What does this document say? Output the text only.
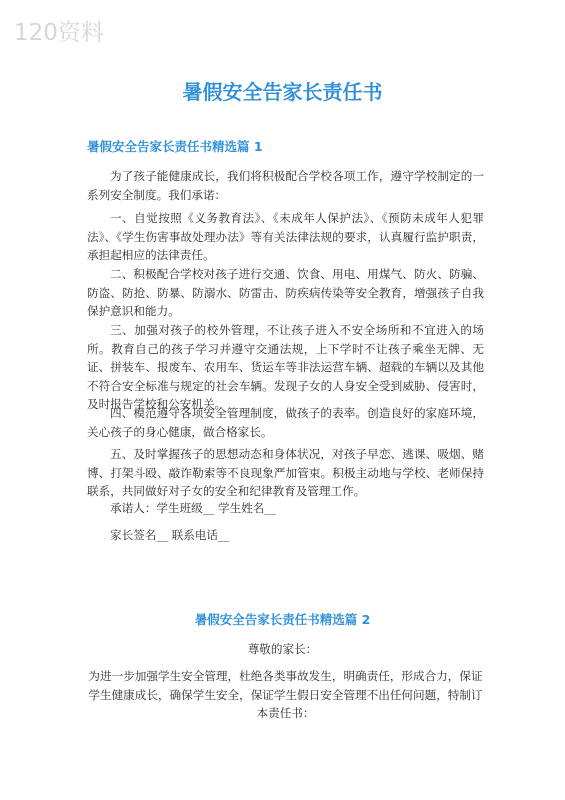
120资料
暑假安全告家长责任书
暑假安全告家长责任书精选篇 1

为了孩子能健康成长，我们将积极配合学校各项工作，遵守学校制定的一系列安全制度。我们承诺：

一、自觉按照《义务教育法》、《未成年人保护法》、《预防未成年人犯罪法》、《学生伤害事故处理办法》等有关法律法规的要求，认真履行监护职责，承担起相应的法律责任。

二、积极配合学校对孩子进行交通、饮食、用电、用煤气、防火、防骗、防盗、防抢、防暴、防溺水、防雷击、防疾病传染等安全教育，增强孩子自我保护意识和能力。

三、加强对孩子的校外管理，不让孩子进入不安全场所和不宜进入的场所。教育自己的孩子学习并遵守交通法规，上下学时不让孩子乘坐无牌、无证、拼装车、报废车、农用车、货运车等非法运营车辆、超载的车辆以及其他不符合安全标准与规定的社会车辆。发现子女的人身安全受到威胁、侵害时，及时报告学校和公安机关。

四、模范遵守各项安全管理制度，做孩子的表率。创造良好的家庭环境，关心孩子的身心健康，做合格家长。

五、及时掌握孩子的思想动态和身体状况，对孩子早恋、逃课、吸烟、赌博、打架斗殴、敲诈勒索等不良现象严加管束。积极主动地与学校、老师保持联系，共同做好对子女的安全和纪律教育及管理工作。

承诺人：学生班级__ 学生姓名__
家长签名__ 联系电话__
暑假安全告家长责任书精选篇 2
尊敬的家长：

为进一步加强学生安全管理，杜绝各类事故发生，明确责任，形成合力，保证学生健康成长，确保学生安全，保证学生假日安全管理不出任何问题，特制订本责任书：
